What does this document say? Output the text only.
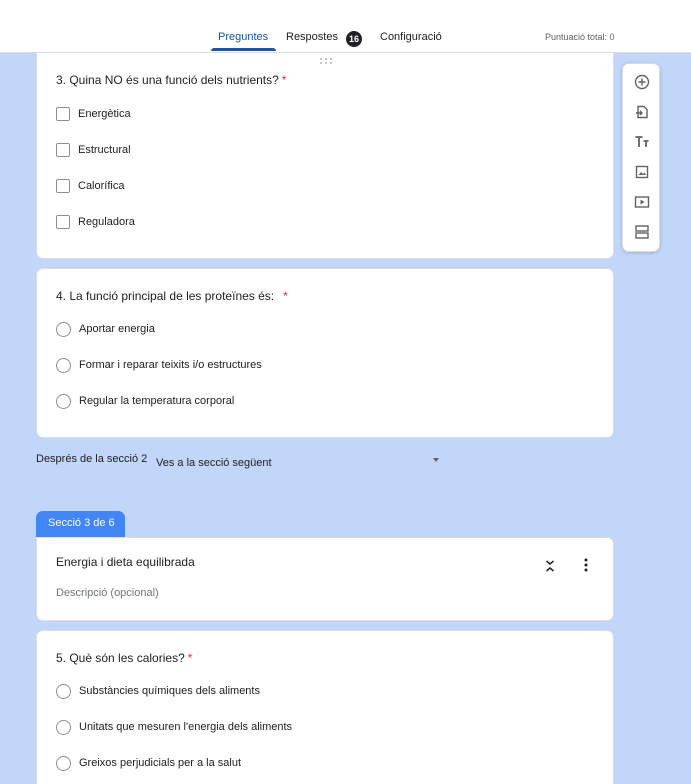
Preguntes Respostes	16 Configuració	Puntuació total: 0
3. Quina NO és una funció dels nutrients? *
Energètica
Estructural
Calorífica
Reguladora
4. La funció principal de les proteïnes és: *
Aportar energia
Formar i reparar teixits i/o estructures
Regular la temperatura corporal
Després de la secció 2 Ves a la secció següent
Secció 3 de 6
Energia i dieta equilibrada
Descripció (opcional)
5. Què són les calories? *
Substàncies químiques dels aliments
Unitats que mesuren l'energia dels aliments
Greixos perjudicials per a la salut
